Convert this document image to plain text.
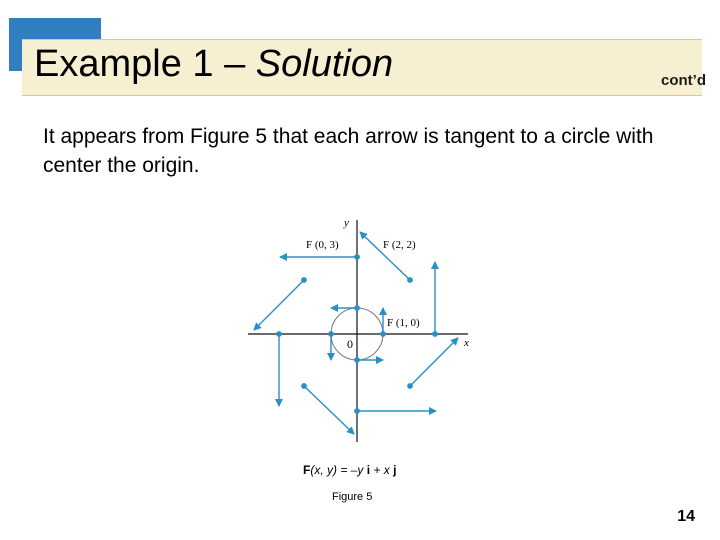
Example 1 – Solution	cont’d
It appears from Figure 5 that each arrow is tangent to a circle with center the origin.
F (0, 3)	F (2, 2)
F (1, 0)
0	x
y
F(x, y) = –y i + x j
Figure 5
14
